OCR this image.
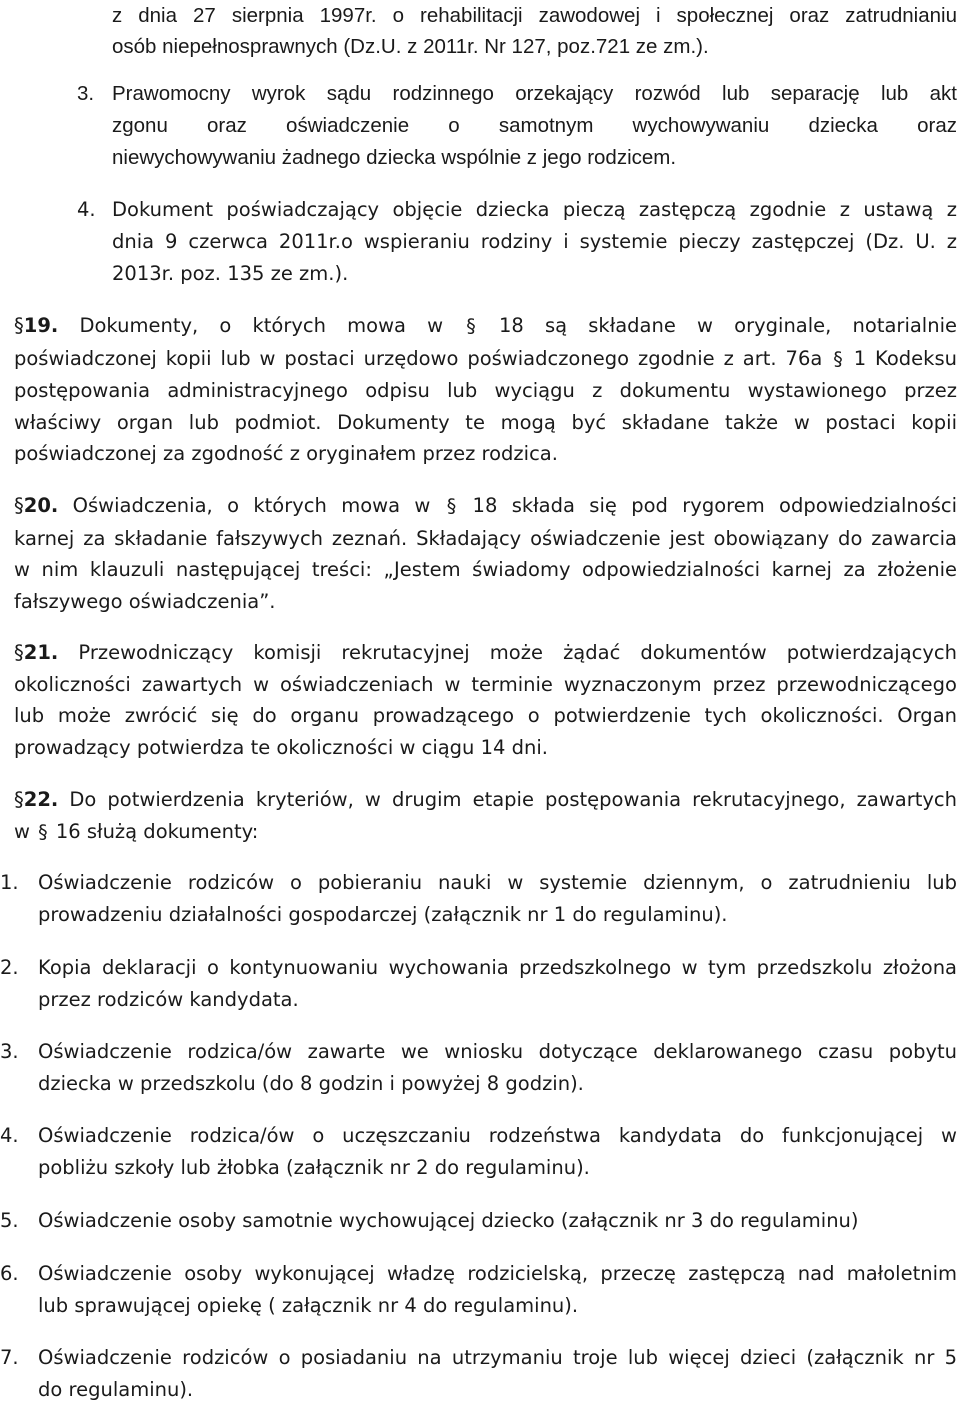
z dnia 27 sierpnia 1997r. o rehabilitacji zawodowej i społecznej oraz zatrudnianiu
osób niepełnosprawnych (Dz.U. z 2011r. Nr 127, poz.721 ze zm.).
3. Prawomocny wyrok sądu rodzinnego orzekający rozwód lub separację lub akt
zgonu oraz oświadczenie o samotnym wychowywaniu dziecka oraz
niewychowywaniu żadnego dziecka wspólnie z jego rodzicem.
4. Dokument poświadczający objęcie dziecka pieczą zastępczą zgodnie z ustawą z
dnia 9 czerwca 2011r.o wspieraniu rodziny i systemie pieczy zastępczej (Dz. U. z
2013r. poz. 135 ze zm.).
§19. Dokumenty, o których mowa w § 18 są składane w oryginale, notarialnie
poświadczonej kopii lub w postaci urzędowo poświadczonego zgodnie z art. 76a § 1 Kodeksu
postępowania administracyjnego odpisu lub wyciągu z dokumentu wystawionego przez
właściwy organ lub podmiot. Dokumenty te mogą być składane także w postaci kopii
poświadczonej za zgodność z oryginałem przez rodzica.
§20. Oświadczenia, o których mowa w § 18 składa się pod rygorem odpowiedzialności
karnej za składanie fałszywych zeznań. Składający oświadczenie jest obowiązany do zawarcia
w nim klauzuli następującej treści: „Jestem świadomy odpowiedzialności karnej za złożenie
fałszywego oświadczenia”.
§21. Przewodniczący komisji rekrutacyjnej może żądać dokumentów potwierdzających
okoliczności zawartych w oświadczeniach w terminie wyznaczonym przez przewodniczącego
lub może zwrócić się do organu prowadzącego o potwierdzenie tych okoliczności. Organ
prowadzący potwierdza te okoliczności w ciągu 14 dni.
§22. Do potwierdzenia kryteriów, w drugim etapie postępowania rekrutacyjnego, zawartych
w § 16 służą dokumenty:
1. Oświadczenie rodziców o pobieraniu nauki w systemie dziennym, o zatrudnieniu lub
prowadzeniu działalności gospodarczej (załącznik nr 1 do regulaminu).
2. Kopia deklaracji o kontynuowaniu wychowania przedszkolnego w tym przedszkolu złożona
przez rodziców kandydata.
3. Oświadczenie rodzica/ów zawarte we wniosku dotyczące deklarowanego czasu pobytu
dziecka w przedszkolu (do 8 godzin i powyżej 8 godzin).
4. Oświadczenie rodzica/ów o uczęszczaniu rodzeństwa kandydata do funkcjonującej w
pobliżu szkoły lub żłobka (załącznik nr 2 do regulaminu).
5. Oświadczenie osoby samotnie wychowującej dziecko (załącznik nr 3 do regulaminu)
6. Oświadczenie osoby wykonującej władzę rodzicielską, przeczę zastępczą nad małoletnim
lub sprawującej opiekę ( załącznik nr 4 do regulaminu).
7. Oświadczenie rodziców o posiadaniu na utrzymaniu troje lub więcej dzieci (załącznik nr 5
do regulaminu).
